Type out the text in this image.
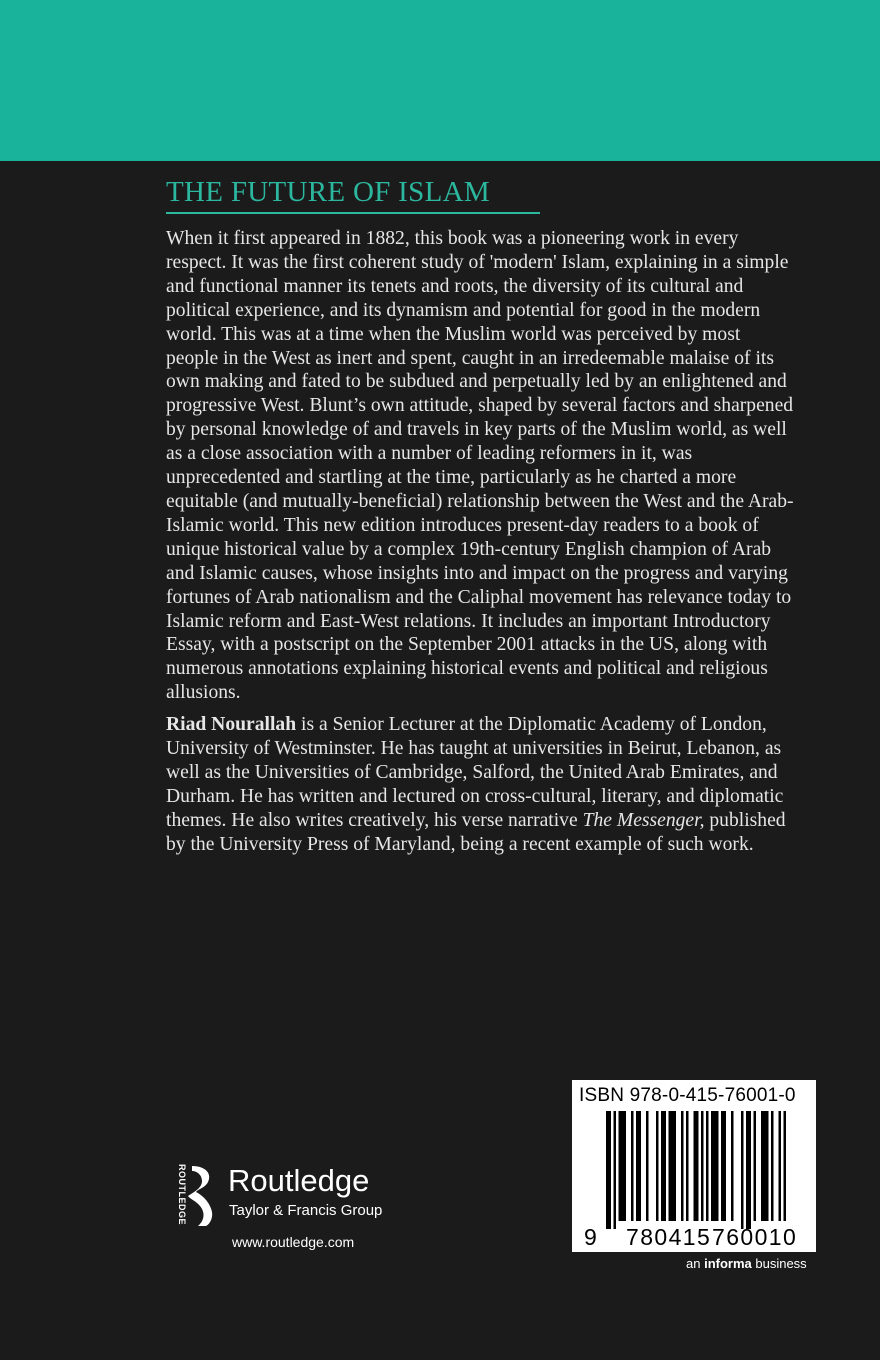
THE FUTURE OF ISLAM

When it first appeared in 1882, this book was a pioneering work in every respect. It was the first coherent study of 'modern' Islam, explaining in a simple and functional manner its tenets and roots, the diversity of its cultural and political experience, and its dynamism and potential for good in the modern world. This was at a time when the Muslim world was perceived by most people in the West as inert and spent, caught in an irredeemable malaise of its own making and fated to be subdued and perpetually led by an enlightened and progressive West. Blunt’s own attitude, shaped by several factors and sharpened by personal knowledge of and travels in key parts of the Muslim world, as well as a close association with a number of leading reformers in it, was unprecedented and startling at the time, particularly as he charted a more equitable (and mutually-beneficial) relationship between the West and the Arab-Islamic world. This new edition introduces present-day readers to a book of unique historical value by a complex 19th-century English champion of Arab and Islamic causes, whose insights into and impact on the progress and varying fortunes of Arab nationalism and the Caliphal movement has relevance today to Islamic reform and East-West relations. It includes an important Introductory Essay, with a postscript on the September 2001 attacks in the US, along with numerous annotations explaining historical events and political and religious allusions.

Riad Nourallah is a Senior Lecturer at the Diplomatic Academy of London, University of Westminster. He has taught at universities in Beirut, Lebanon, as well as the Universities of Cambridge, Salford, the United Arab Emirates, and Durham. He has written and lectured on cross-cultural, literary, and diplomatic themes. He also writes creatively, his verse narrative The Messenger, published by the University Press of Maryland, being a recent example of such work.

ROUTLEDGE Routledge
Taylor & Francis Group
www.routledge.com
ISBN 978-0-415-76001-0
9 780415 760010
an informa business
